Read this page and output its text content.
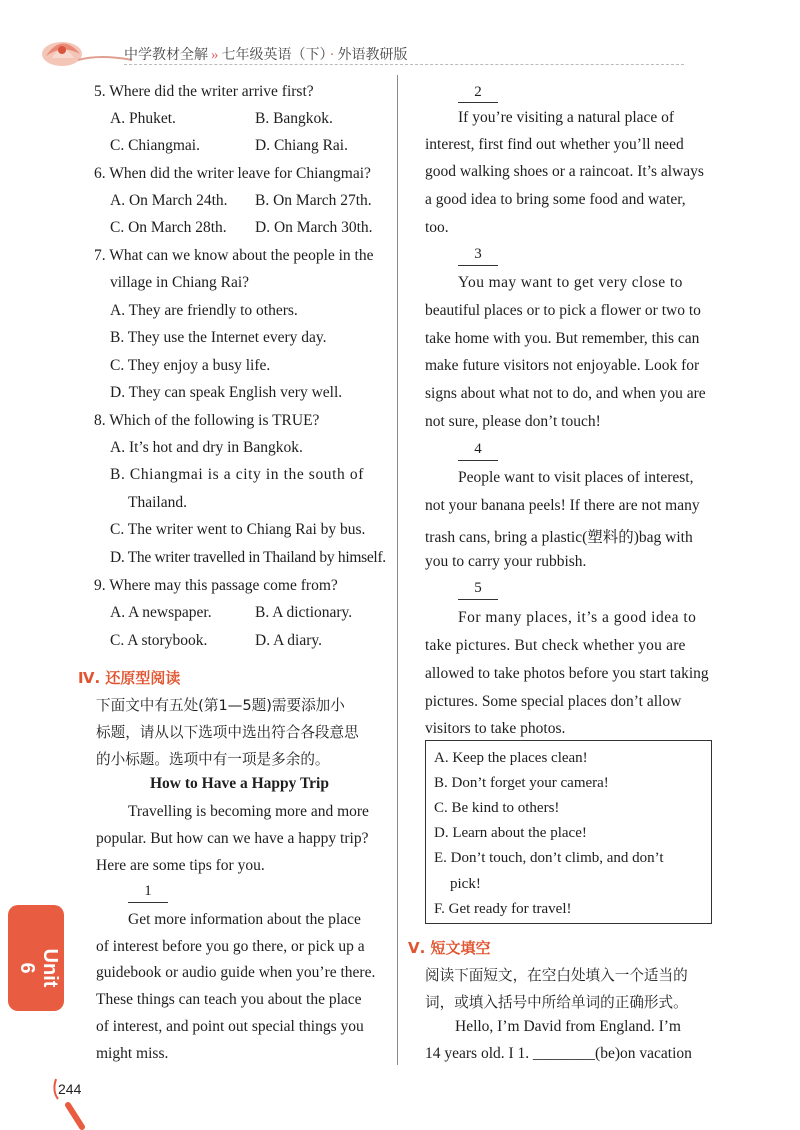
中学教材全解 » 七年级英语（下） · 外语教研版
5. Where did the writer arrive first?
A. Phuket.	B. Bangkok.
C. Chiangmai.	D. Chiang Rai.
6. When did the writer leave for Chiangmai?
A. On March 24th. B. On March 27th.
C. On March 28th. D. On March 30th.
7. What can we know about the people in the
village in Chiang Rai?
A. They are friendly to others.
B. They use the Internet every day.
C. They enjoy a busy life.
D. They can speak English very well.
8. Which of the following is TRUE?
A. It’s hot and dry in Bangkok.
B. Chiangmai is a city in the south of
Thailand.
C. The writer went to Chiang Rai by bus.
D. The writer travelled in Thailand by himself.
9. Where may this passage come from?
A. A newspaper.	B. A dictionary.
C. A storybook.	D. A diary.
Ⅳ. 还原型阅读
下面文中有五处(第1—5题)需要添加小
标题，请从以下选项中选出符合各段意思
的小标题。选项中有一项是多余的。
How to Have a Happy Trip
Travelling is becoming more and more
popular. But how can we have a happy trip?
Here are some tips for you.
1
Get more information about the place
of interest before you go there, or pick up a
guidebook or audio guide when you’re there.
These things can teach you about the place
of interest, and point out special things you
might miss.
2
If you’re visiting a natural place of
interest, first find out whether you’ll need
good walking shoes or a raincoat. It’s always
a good idea to bring some food and water,
too.
3
You may want to get very close to
beautiful places or to pick a flower or two to
take home with you. But remember, this can
make future visitors not enjoyable. Look for
signs about what not to do, and when you are
not sure, please don’t touch!
4
People want to visit places of interest,
not your banana peels! If there are not many
trash cans, bring a plastic(塑料的)bag with
you to carry your rubbish.
5
For many places, it’s a good idea to
take pictures. But check whether you are
allowed to take photos before you start taking
pictures. Some special places don’t allow
visitors to take photos.
A. Keep the places clean!
B. Don’t forget your camera!
C. Be kind to others!
D. Learn about the place!
E. Don’t touch, don’t climb, and don’t
pick!
F. Get ready for travel!
Ⅴ. 短文填空
阅读下面短文，在空白处填入一个适当的
词，或填入括号中所给单词的正确形式。
Hello, I’m David from England. I’m
14 years old. I 1. ________(be)on vacation
Unit 6
244
